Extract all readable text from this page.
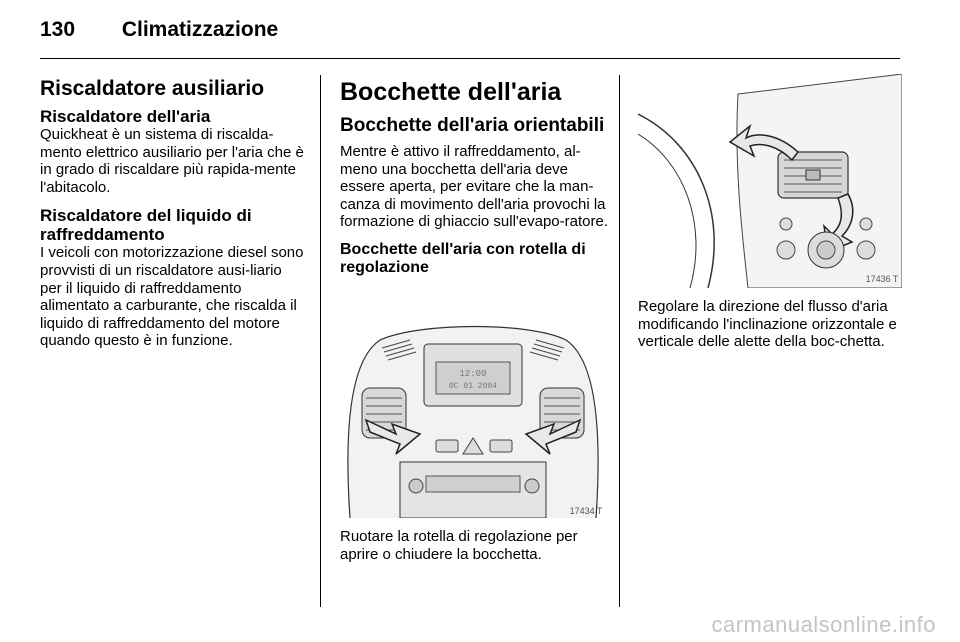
130 Climatizzazione
Riscaldatore ausiliario
Riscaldatore dell'aria

Quickheat è un sistema di riscalda-mento elettrico ausiliario per l'aria che è in grado di riscaldare più rapida-mente l'abitacolo.

Riscaldatore del liquido di raffreddamento

I veicoli con motorizzazione diesel sono provvisti di un riscaldatore ausi-liario per il liquido di raffreddamento alimentato a carburante, che riscalda il liquido di raffreddamento del motore quando questo è in funzione.

Bocchette dell'aria
Bocchette dell'aria orientabili

Mentre è attivo il raffreddamento, al-meno una bocchetta dell'aria deve essere aperta, per evitare che la man-canza di movimento dell'aria provochi la formazione di ghiaccio sull'evapo-ratore.

Bocchette dell'aria con rotella di regolazione
12:00
0C 01 2004
17434 T

Ruotare la rotella di regolazione per aprire o chiudere la bocchetta.

17436 T

Regolare la direzione del flusso d'aria modificando l'inclinazione orizzontale e verticale delle alette della boc-chetta.

carmanualsonline.info
